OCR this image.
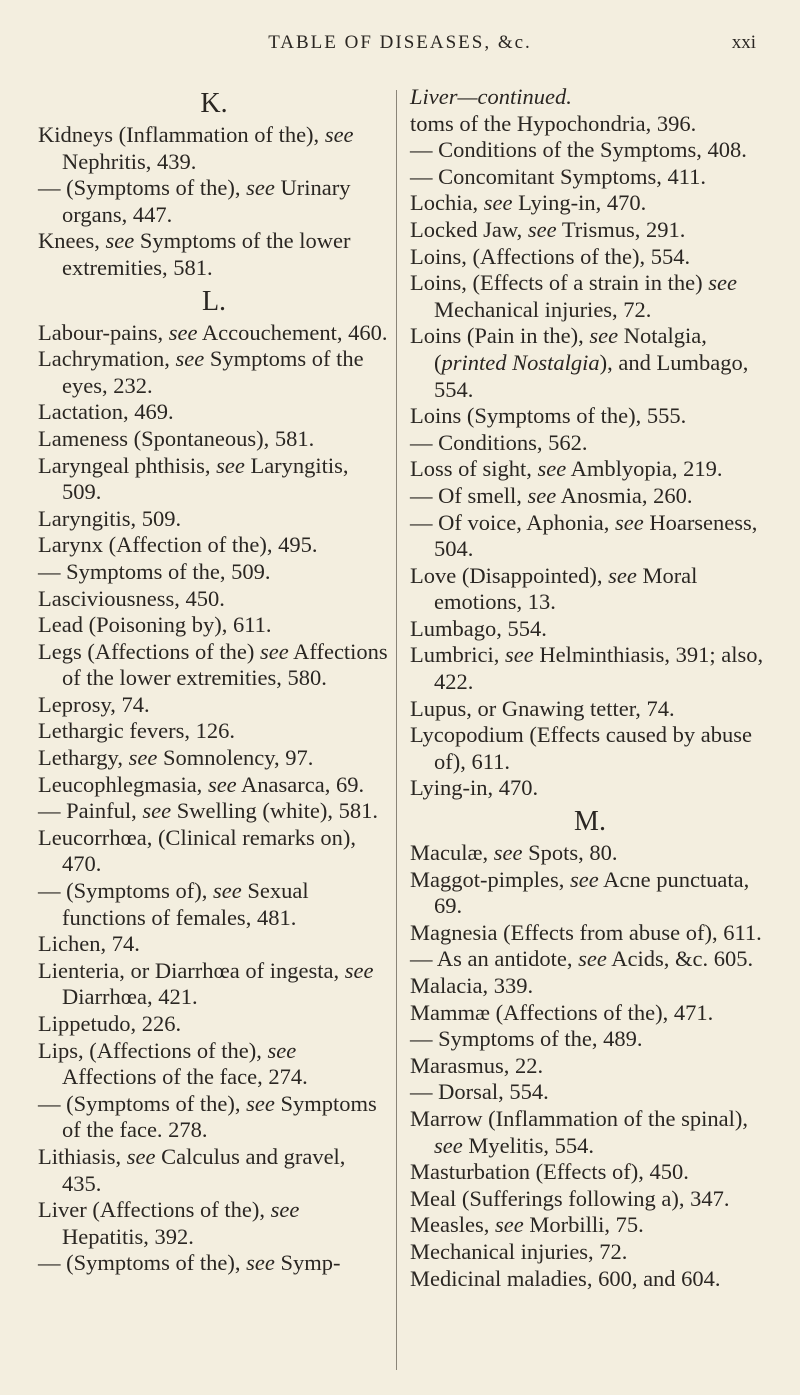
TABLE OF DISEASES, &c.	xxi
K.
Kidneys (Inflammation of the), see Nephritis, 439.
— (Symptoms of the), see Urinary organs, 447.
Knees, see Symptoms of the lower extremities, 581.
L.
Labour-pains, see Accouchement, 460.
Lachrymation, see Symptoms of the eyes, 232.
Lactation, 469.
Lameness (Spontaneous), 581.
Laryngeal phthisis, see Laryngitis, 509.
Laryngitis, 509.
Larynx (Affection of the), 495.
— Symptoms of the, 509.
Lasciviousness, 450.
Lead (Poisoning by), 611.
Legs (Affections of the) see Affections of the lower extremities, 580.
Leprosy, 74.
Lethargic fevers, 126.
Lethargy, see Somnolency, 97.
Leucophlegmasia, see Anasarca, 69.
— Painful, see Swelling (white), 581.
Leucorrhœa, (Clinical remarks on), 470.
— (Symptoms of), see Sexual functions of females, 481.
Lichen, 74.
Lienteria, or Diarrhœa of ingesta, see Diarrhœa, 421.
Lippetudo, 226.
Lips, (Affections of the), see Affections of the face, 274.
— (Symptoms of the), see Symptoms of the face. 278.
Lithiasis, see Calculus and gravel, 435.
Liver (Affections of the), see Hepatitis, 392.
— (Symptoms of the), see Symp-
Liver—continued.
toms of the Hypochondria, 396.
— Conditions of the Symptoms, 408.
— Concomitant Symptoms, 411.
Lochia, see Lying-in, 470.
Locked Jaw, see Trismus, 291.
Loins, (Affections of the), 554.
Loins, (Effects of a strain in the) see Mechanical injuries, 72.
Loins (Pain in the), see Notalgia, (printed Nostalgia), and Lumbago, 554.
Loins (Symptoms of the), 555.
— Conditions, 562.
Loss of sight, see Amblyopia, 219.
— Of smell, see Anosmia, 260.
— Of voice, Aphonia, see Hoarseness, 504.
Love (Disappointed), see Moral emotions, 13.
Lumbago, 554.
Lumbrici, see Helminthiasis, 391; also, 422.
Lupus, or Gnawing tetter, 74.
Lycopodium (Effects caused by abuse of), 611.
Lying-in, 470.
M.
Maculæ, see Spots, 80.
Maggot-pimples, see Acne punctuata, 69.
Magnesia (Effects from abuse of), 611.
— As an antidote, see Acids, &c. 605.
Malacia, 339.
Mammæ (Affections of the), 471.
— Symptoms of the, 489.
Marasmus, 22.
— Dorsal, 554.
Marrow (Inflammation of the spinal), see Myelitis, 554.
Masturbation (Effects of), 450.
Meal (Sufferings following a), 347.
Measles, see Morbilli, 75.
Mechanical injuries, 72.
Medicinal maladies, 600, and 604.
